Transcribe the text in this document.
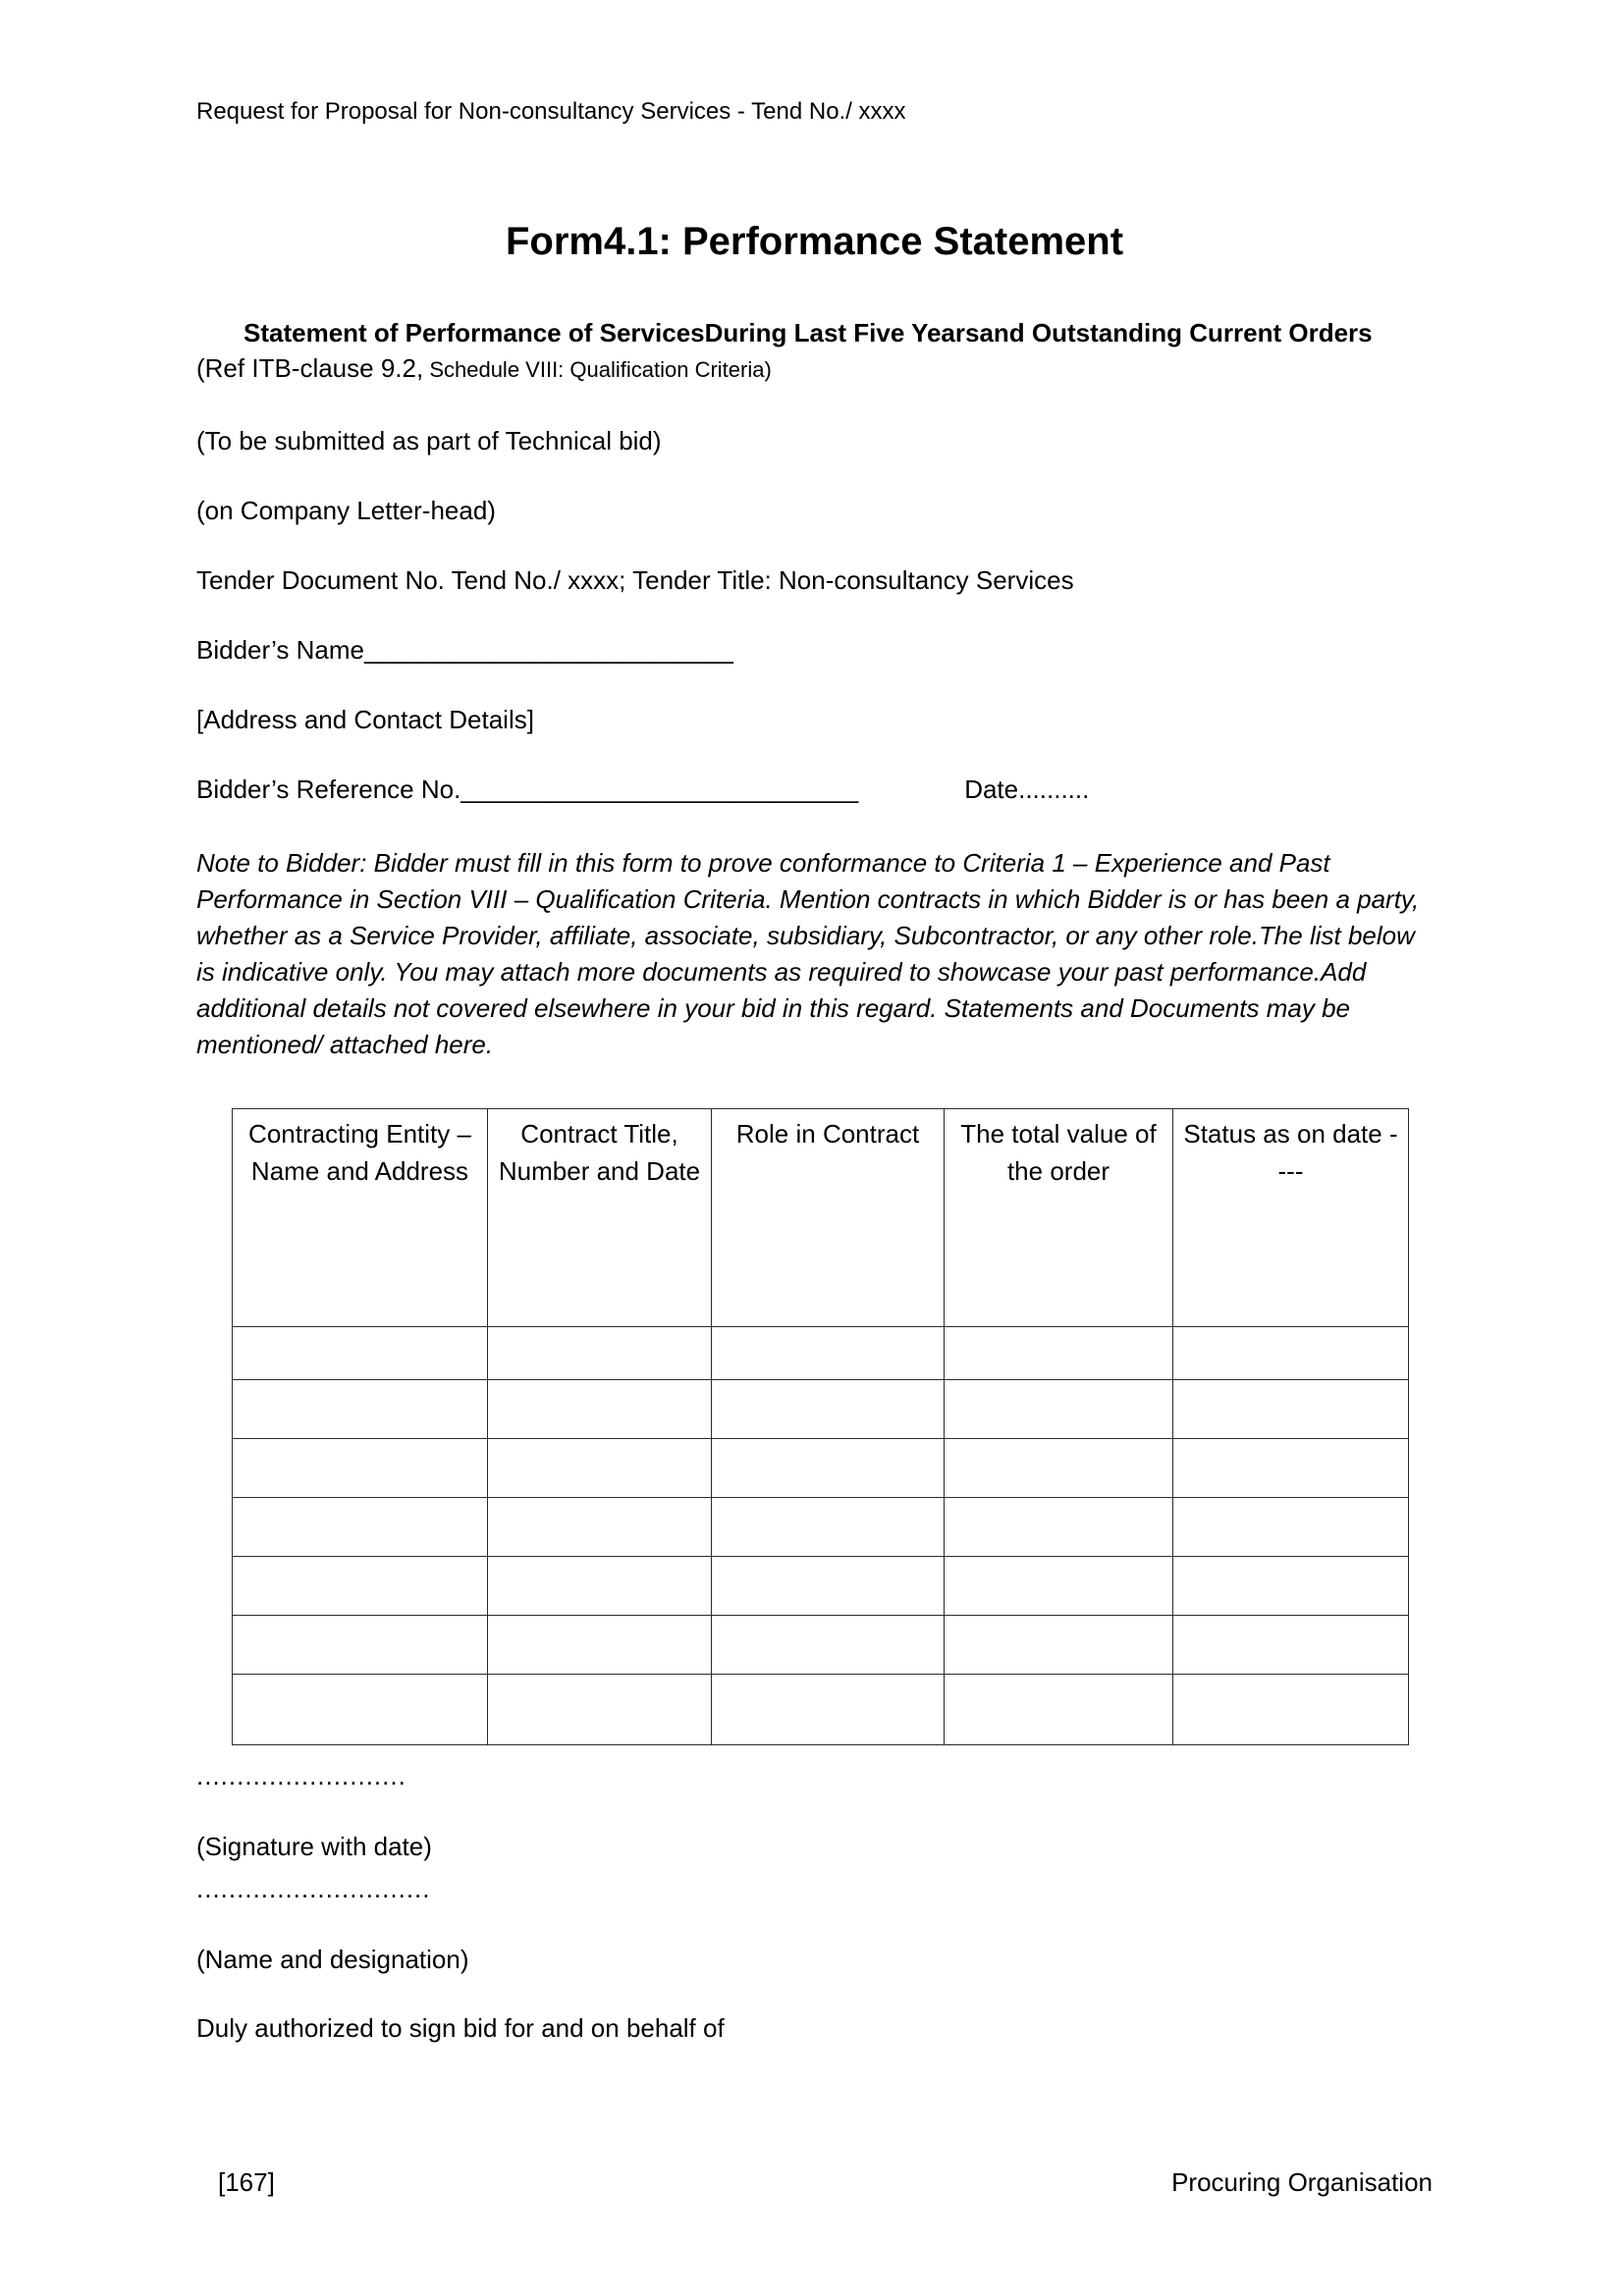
Request for Proposal for Non-consultancy Services - Tend No./ xxxx
Form4.1: Performance Statement

Statement of Performance of ServicesDuring Last Five Yearsand Outstanding Current Orders
(Ref ITB-clause 9.2, Schedule VIII: Qualification Criteria)

(To be submitted as part of Technical bid)

(on Company Letter-head)

Tender Document No. Tend No./ xxxx; Tender Title: Non-consultancy Services

Bidder’s Name__________________________

[Address and Contact Details]

Bidder’s Reference No.____________________________	Date..........

Note to Bidder: Bidder must fill in this form to prove conformance to Criteria 1 – Experience and Past Performance in Section VIII – Qualification Criteria. Mention contracts in which Bidder is or has been a party, whether as a Service Provider, affiliate, associate, subsidiary, Subcontractor, or any other role.The list below is indicative only. You may attach more documents as required to showcase your past performance.Add additional details not covered elsewhere in your bid in this regard. Statements and Documents may be mentioned/ attached here.

Contracting Entity – Name and Address	Contract Title, Number and Date	Role in Contract	The total value of the order	Status as on date ----

..........................

(Signature with date)

.............................

(Name and designation)

Duly authorized to sign bid for and on behalf of

[167]	Procuring Organisation
